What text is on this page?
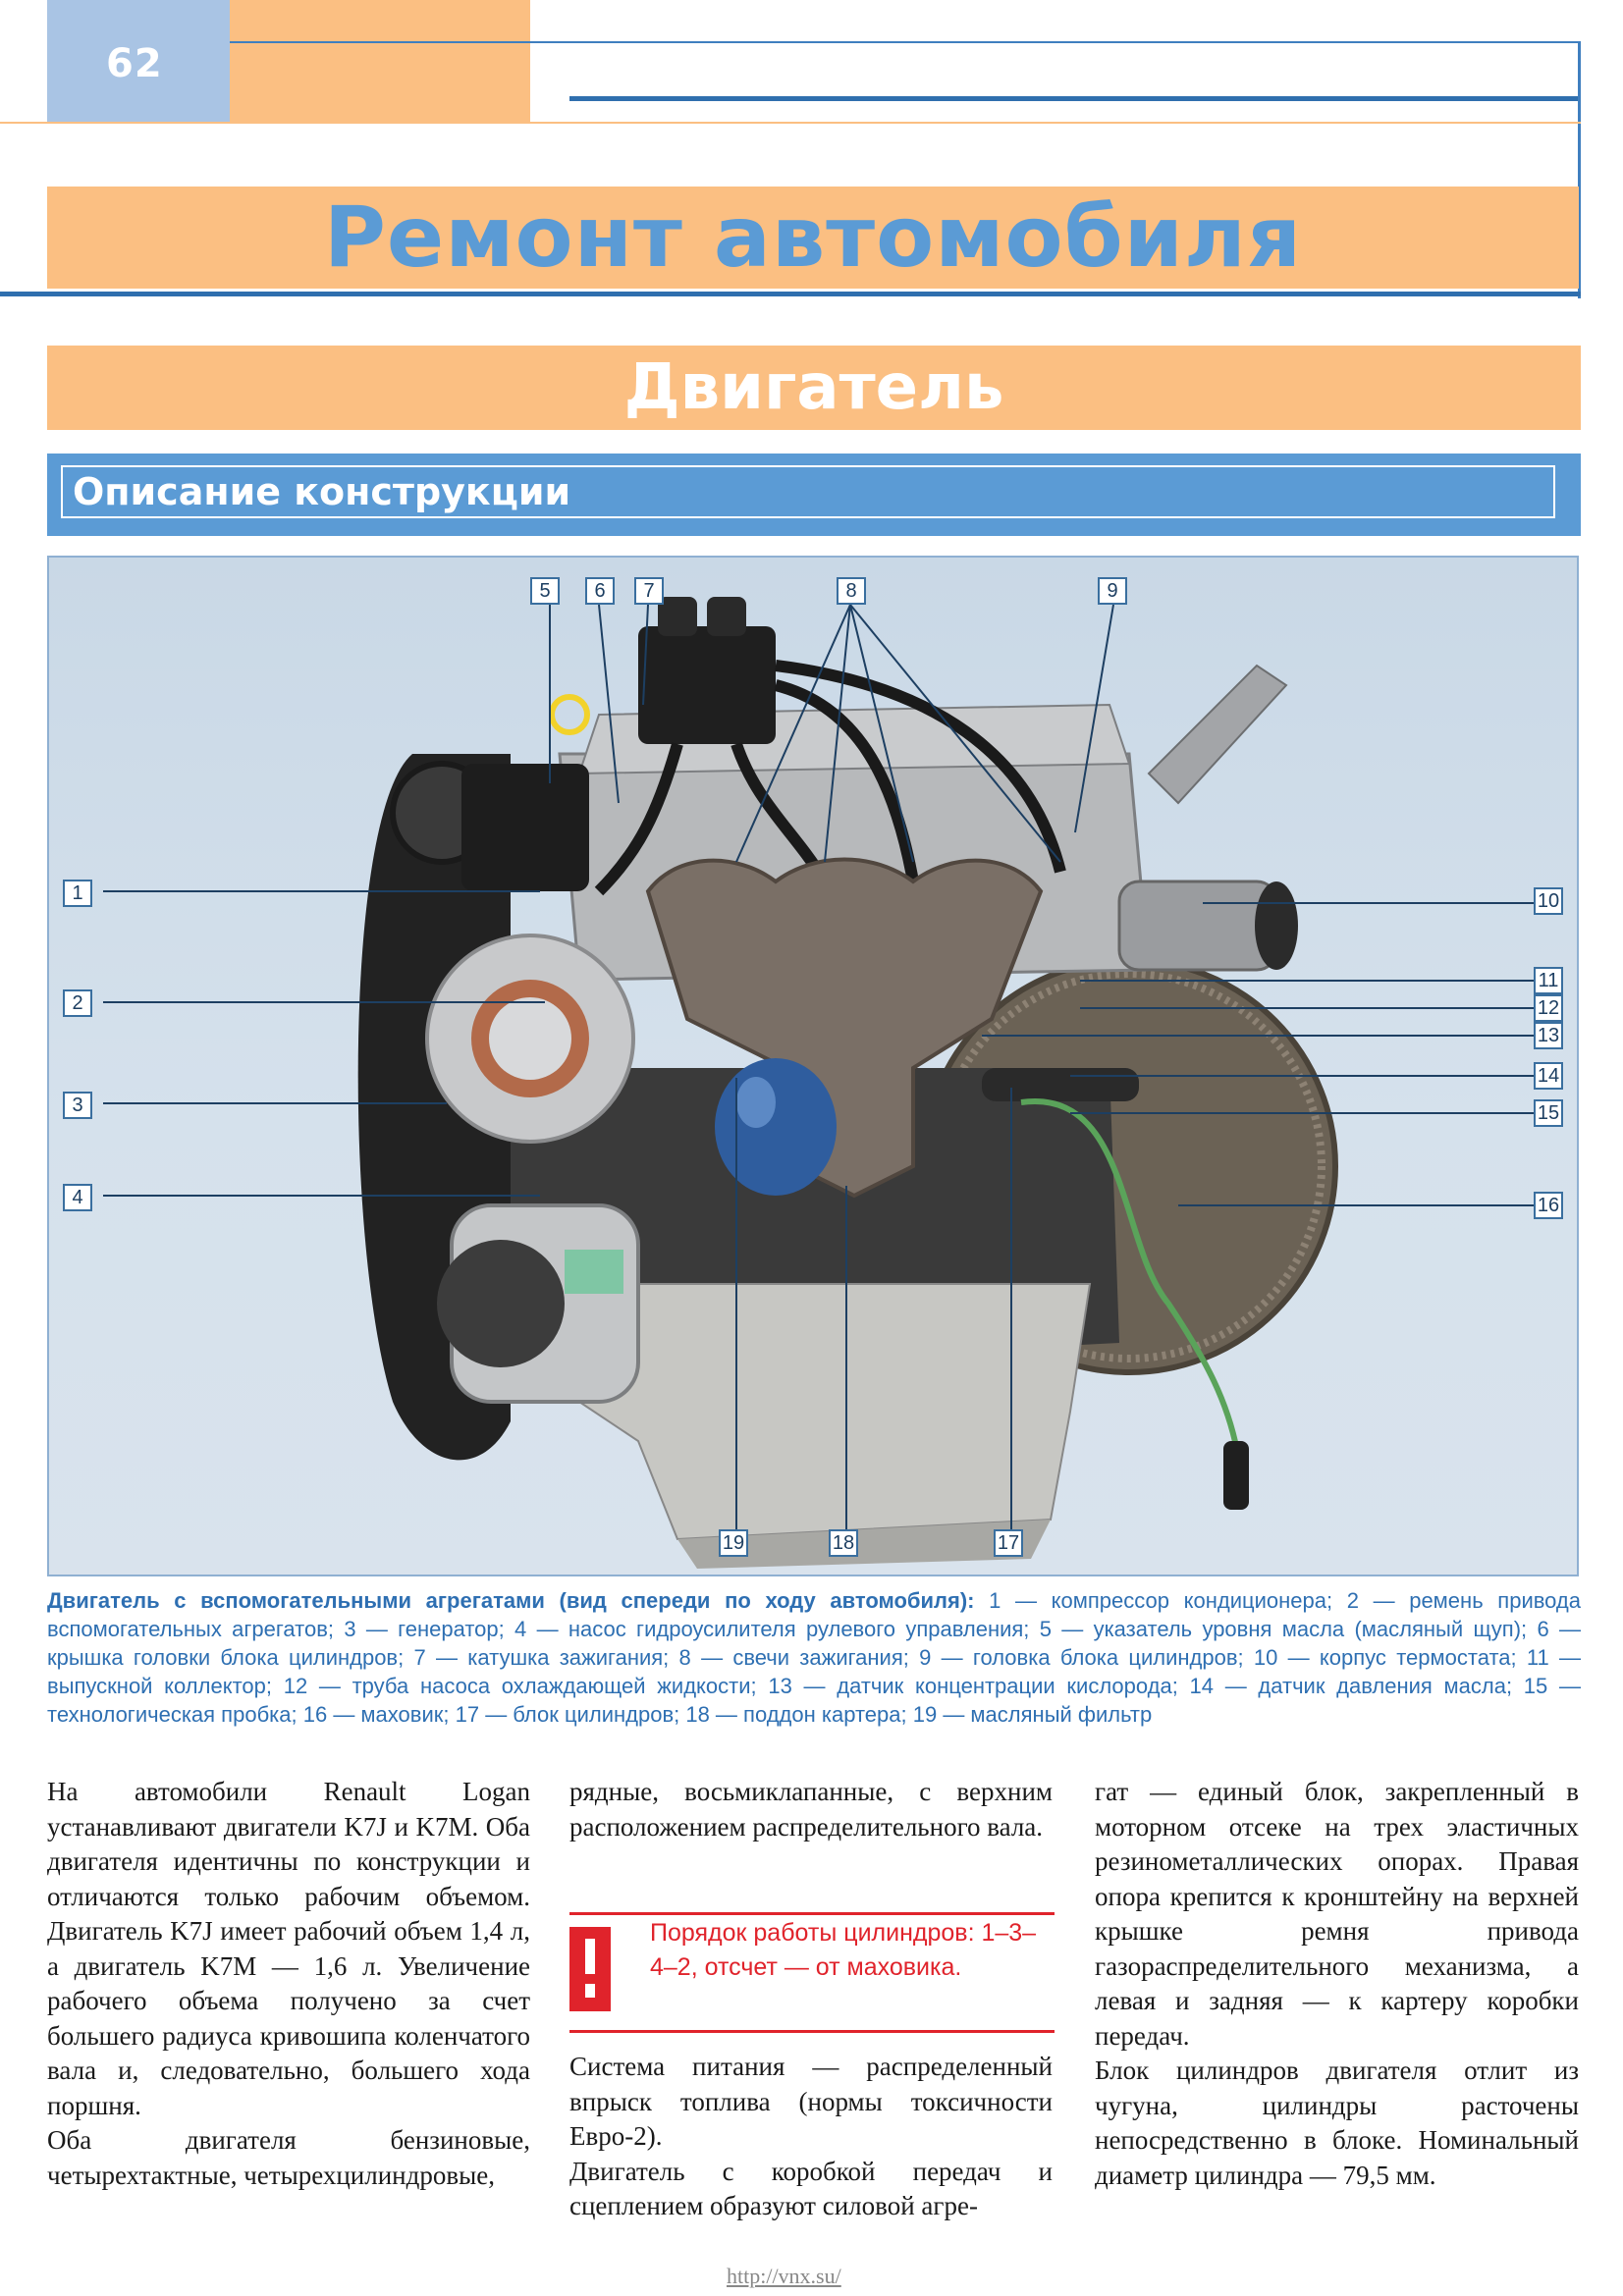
62
Ремонт автомобиля
Двигатель
Описание конструкции
1
2
3
4
5	6	7	8	9
10
11
12
13
14
15
16
17
18
19
Двигатель с вспомогательными агрегатами (вид спереди по ходу автомобиля): 1 — компрессор кондиционера; 2 — ремень привода вспомогательных агрегатов; 3 — генератор; 4 — насос гидроусилителя рулевого управления; 5 — указатель уровня масла (масляный щуп); 6 — крышка головки блока цилиндров; 7 — катушка зажигания; 8 — свечи зажигания; 9 — головка блока цилиндров; 10 — корпус термостата; 11 — выпускной коллектор; 12 — труба насоса охлаждающей жидкости; 13 — датчик концентрации кислорода; 14 — датчик давления масла; 15 — технологическая пробка; 16 — маховик; 17 — блок цилиндров; 18 — поддон картера; 19 — масляный фильтр

На автомобили Renault Logan устанавливают двигатели K7J и K7M. Оба двигателя идентичны по конструкции и отличаются только рабочим объемом. Двигатель K7J имеет рабочий объем 1,4 л, а двигатель K7M — 1,6 л. Увеличение рабочего объема получено за счет большего радиуса кривошипа коленчатого вала и, следовательно, большего хода поршня.

Оба двигателя бензиновые, четырехтактные, четырехцилиндровые,

рядные, восьмиклапанные, с верхним расположением распределительного вала.

Порядок работы цилиндров: 1–3–4–2, отсчет — от маховика.

Система питания — распределенный впрыск топлива (нормы токсичности Евро-2).

Двигатель с коробкой передач и сцеплением образуют силовой агре-

гат — единый блок, закрепленный в моторном отсеке на трех эластичных резинометаллических опорах. Правая опора крепится к кронштейну на верхней крышке ремня привода газораспределительного механизма, а левая и задняя — к картеру коробки передач.

Блок цилиндров двигателя отлит из чугуна, цилиндры расточены непосредственно в блоке. Номинальный диаметр цилиндра — 79,5 мм.

http://vnx.su/
